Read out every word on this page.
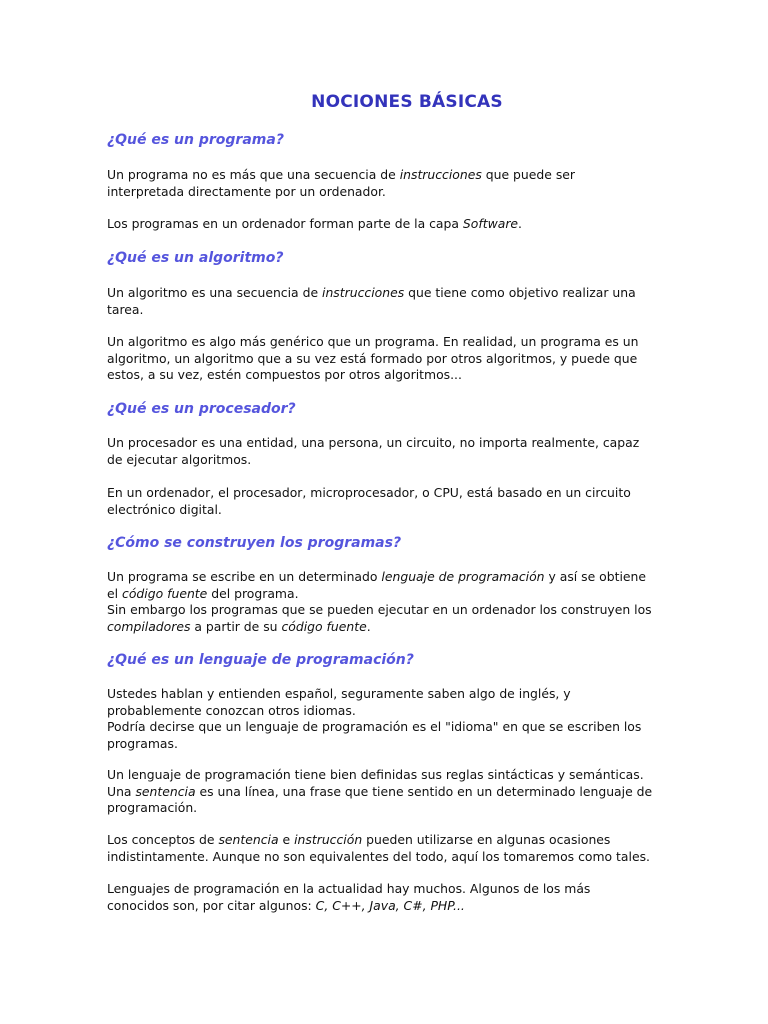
NOCIONES BÁSICAS
¿Qué es un programa?

Un programa no es más que una secuencia de instrucciones que puede ser
interpretada directamente por un ordenador.

Los programas en un ordenador forman parte de la capa Software.

¿Qué es un algoritmo?

Un algoritmo es una secuencia de instrucciones que tiene como objetivo realizar una
tarea.

Un algoritmo es algo más genérico que un programa. En realidad, un programa es un
algoritmo, un algoritmo que a su vez está formado por otros algoritmos, y puede que
estos, a su vez, estén compuestos por otros algoritmos...

¿Qué es un procesador?

Un procesador es una entidad, una persona, un circuito, no importa realmente, capaz
de ejecutar algoritmos.

En un ordenador, el procesador, microprocesador, o CPU, está basado en un circuito
electrónico digital.

¿Cómo se construyen los programas?

Un programa se escribe en un determinado lenguaje de programación y así se obtiene
el código fuente del programa.
Sin embargo los programas que se pueden ejecutar en un ordenador los construyen los
compiladores a partir de su código fuente.

¿Qué es un lenguaje de programación?

Ustedes hablan y entienden español, seguramente saben algo de inglés, y
probablemente conozcan otros idiomas.
Podría decirse que un lenguaje de programación es el "idioma" en que se escriben los
programas.

Un lenguaje de programación tiene bien definidas sus reglas sintácticas y semánticas.
Una sentencia es una línea, una frase que tiene sentido en un determinado lenguaje de
programación.

Los conceptos de sentencia e instrucción pueden utilizarse en algunas ocasiones
indistintamente. Aunque no son equivalentes del todo, aquí los tomaremos como tales.

Lenguajes de programación en la actualidad hay muchos. Algunos de los más
conocidos son, por citar algunos: C, C++, Java, C#, PHP...
